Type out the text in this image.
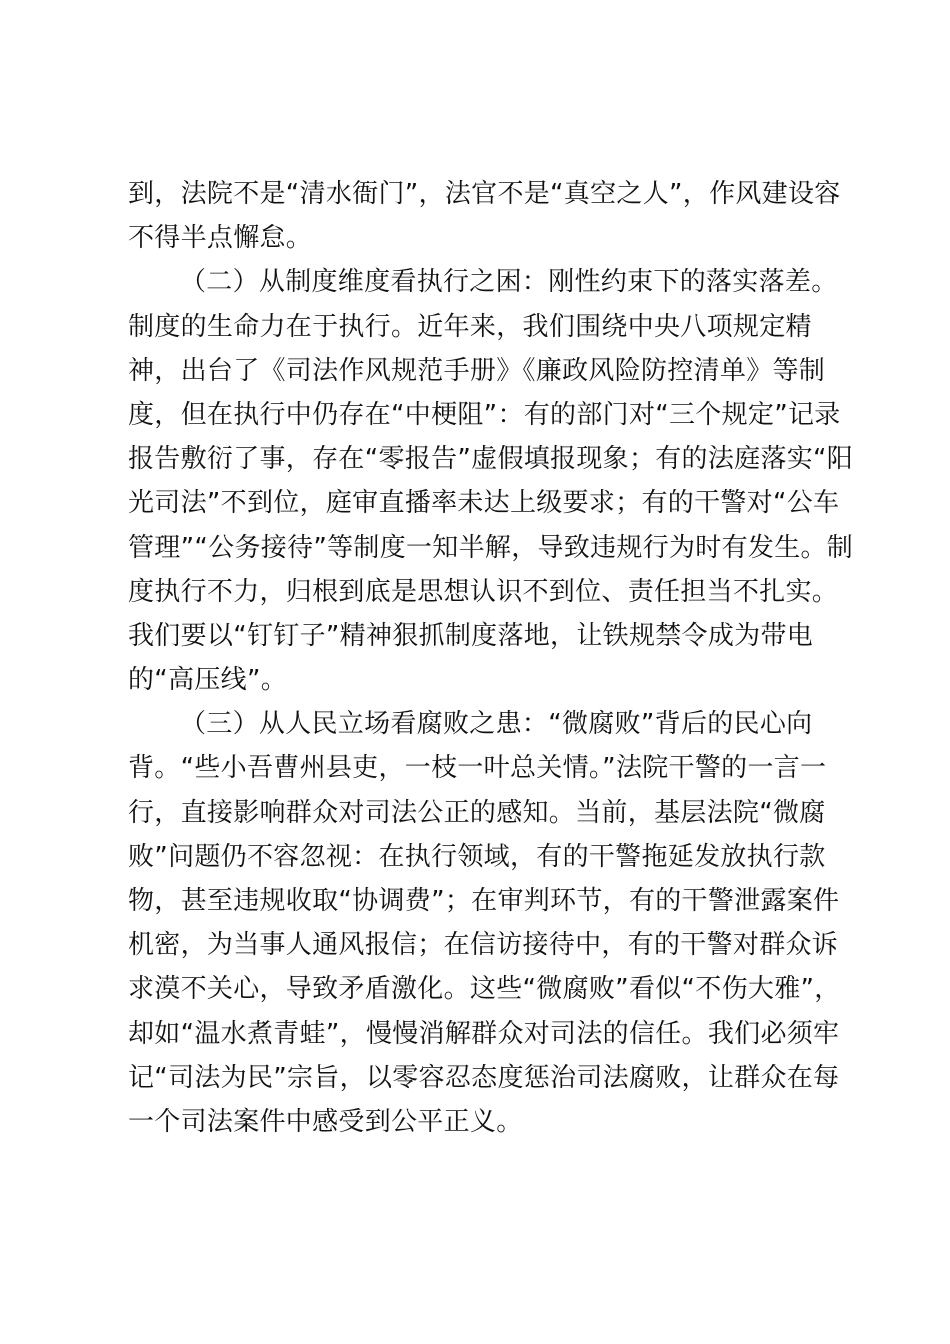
到，法院不是“清水衙门”，法官不是“真空之人”，作风建设容
不得半点懈怠。
（二）从制度维度看执行之困：刚性约束下的落实落差。
制度的生命力在于执行。近年来，我们围绕中央八项规定精
神，出台了《司法作风规范手册》《廉政风险防控清单》等制
度，但在执行中仍存在“中梗阻”：有的部门对“三个规定”记录
报告敷衍了事，存在“零报告”虚假填报现象；有的法庭落实“阳
光司法”不到位，庭审直播率未达上级要求；有的干警对“公车
管理”“公务接待”等制度一知半解，导致违规行为时有发生。制
度执行不力，归根到底是思想认识不到位、责任担当不扎实。
我们要以“钉钉子”精神狠抓制度落地，让铁规禁令成为带电
的“高压线”。
（三）从人民立场看腐败之患：“微腐败”背后的民心向
背。“些小吾曹州县吏，一枝一叶总关情。”法院干警的一言一
行，直接影响群众对司法公正的感知。当前，基层法院“微腐
败”问题仍不容忽视：在执行领域，有的干警拖延发放执行款
物，甚至违规收取“协调费”；在审判环节，有的干警泄露案件
机密，为当事人通风报信；在信访接待中，有的干警对群众诉
求漠不关心，导致矛盾激化。这些“微腐败”看似“不伤大雅”，
却如“温水煮青蛙”，慢慢消解群众对司法的信任。我们必须牢
记“司法为民”宗旨，以零容忍态度惩治司法腐败，让群众在每
一个司法案件中感受到公平正义。
